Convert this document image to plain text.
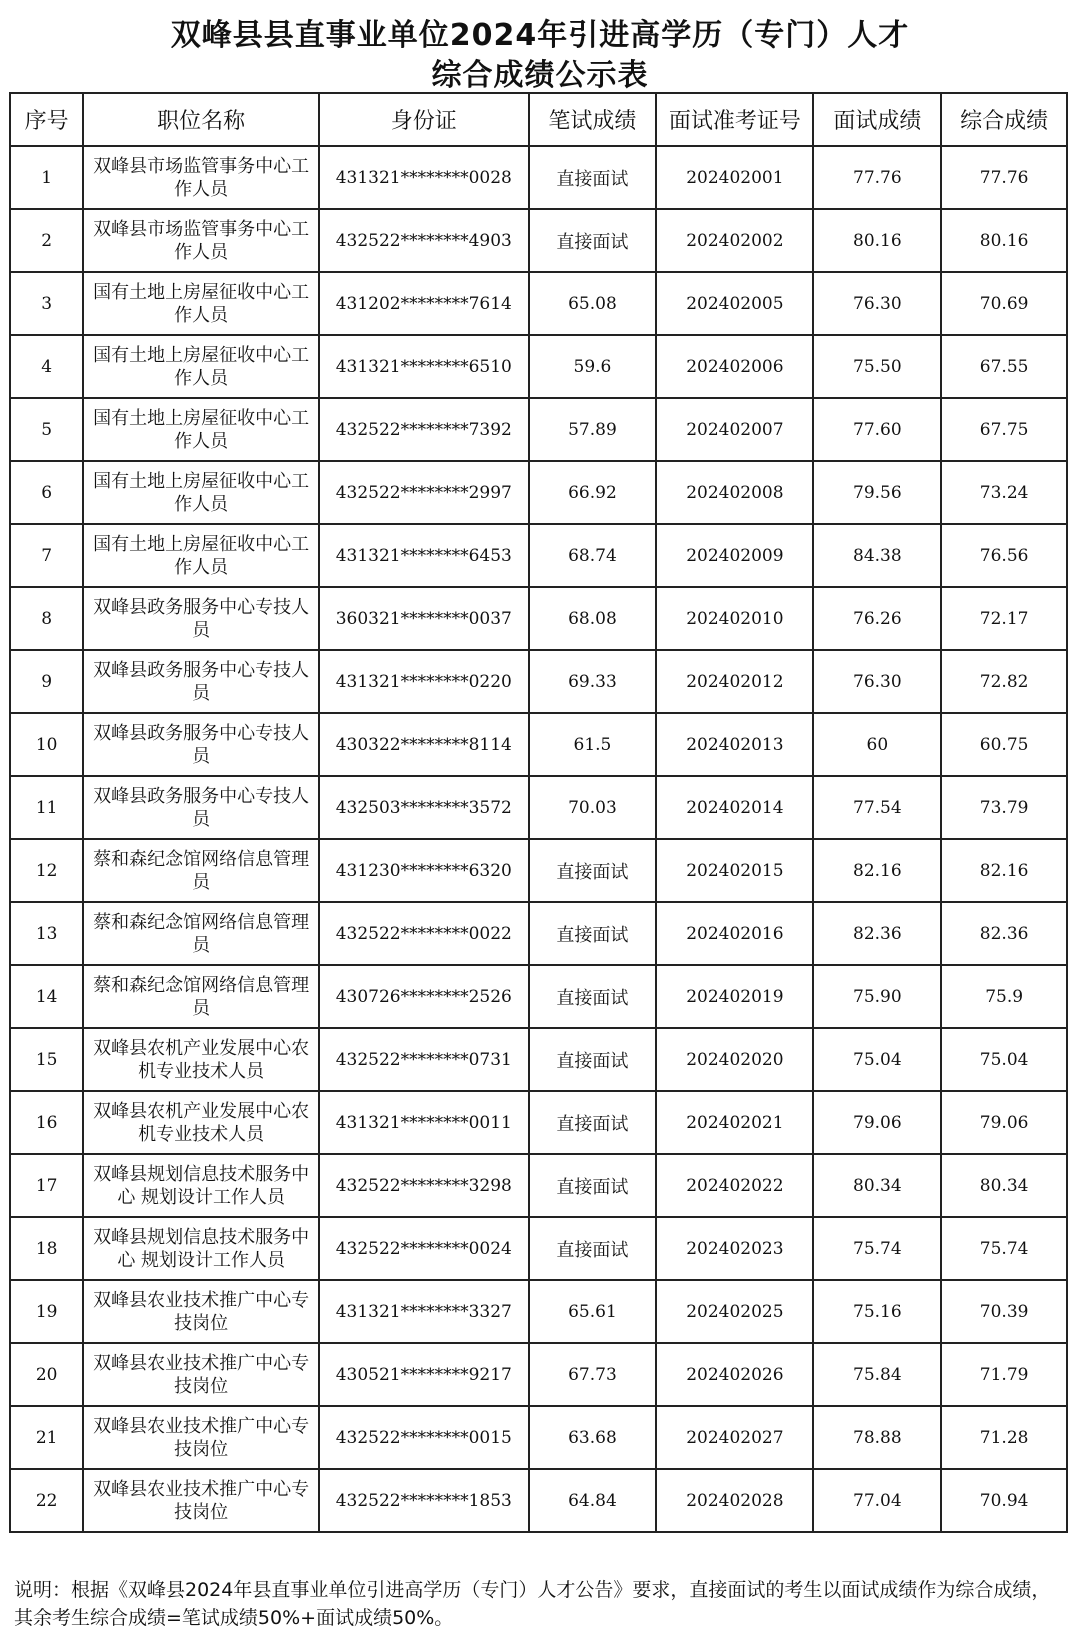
双峰县县直事业单位2024年引进高学历（专门）人才
综合成绩公示表
序号	职位名称	身份证	笔试成绩	面试准考证号	面试成绩	综合成绩
1	双峰县市场监管事务中心工作人员	431321********0028	直接面试	202402001	77.76	77.76
2	双峰县市场监管事务中心工作人员	432522********4903	直接面试	202402002	80.16	80.16
3	国有土地上房屋征收中心工作人员	431202********7614	65.08	202402005	76.30	70.69
4	国有土地上房屋征收中心工作人员	431321********6510	59.6	202402006	75.50	67.55
5	国有土地上房屋征收中心工作人员	432522********7392	57.89	202402007	77.60	67.75
6	国有土地上房屋征收中心工作人员	432522********2997	66.92	202402008	79.56	73.24
7	国有土地上房屋征收中心工作人员	431321********6453	68.74	202402009	84.38	76.56
8	双峰县政务服务中心专技人员	360321********0037	68.08	202402010	76.26	72.17
9	双峰县政务服务中心专技人员	431321********0220	69.33	202402012	76.30	72.82
10	双峰县政务服务中心专技人员	430322********8114	61.5	202402013	60	60.75
11	双峰县政务服务中心专技人员	432503********3572	70.03	202402014	77.54	73.79
12	蔡和森纪念馆网络信息管理员	431230********6320	直接面试	202402015	82.16	82.16
13	蔡和森纪念馆网络信息管理员	432522********0022	直接面试	202402016	82.36	82.36
14	蔡和森纪念馆网络信息管理员	430726********2526	直接面试	202402019	75.90	75.9
15	双峰县农机产业发展中心农机专业技术人员	432522********0731	直接面试	202402020	75.04	75.04
16	双峰县农机产业发展中心农机专业技术人员	431321********0011	直接面试	202402021	79.06	79.06
17	双峰县规划信息技术服务中心 规划设计工作人员	432522********3298	直接面试	202402022	80.34	80.34
18	双峰县规划信息技术服务中心 规划设计工作人员	432522********0024	直接面试	202402023	75.74	75.74
19	双峰县农业技术推广中心专技岗位	431321********3327	65.61	202402025	75.16	70.39
20	双峰县农业技术推广中心专技岗位	430521********9217	67.73	202402026	75.84	71.79
21	双峰县农业技术推广中心专技岗位	432522********0015	63.68	202402027	78.88	71.28
22	双峰县农业技术推广中心专技岗位	432522********1853	64.84	202402028	77.04	70.94
说明：根据《双峰县2024年县直事业单位引进高学历（专门）人才公告》要求，直接面试的考生以面试成绩作为综合成绩，其余考生综合成绩=笔试成绩50%+面试成绩50%。
